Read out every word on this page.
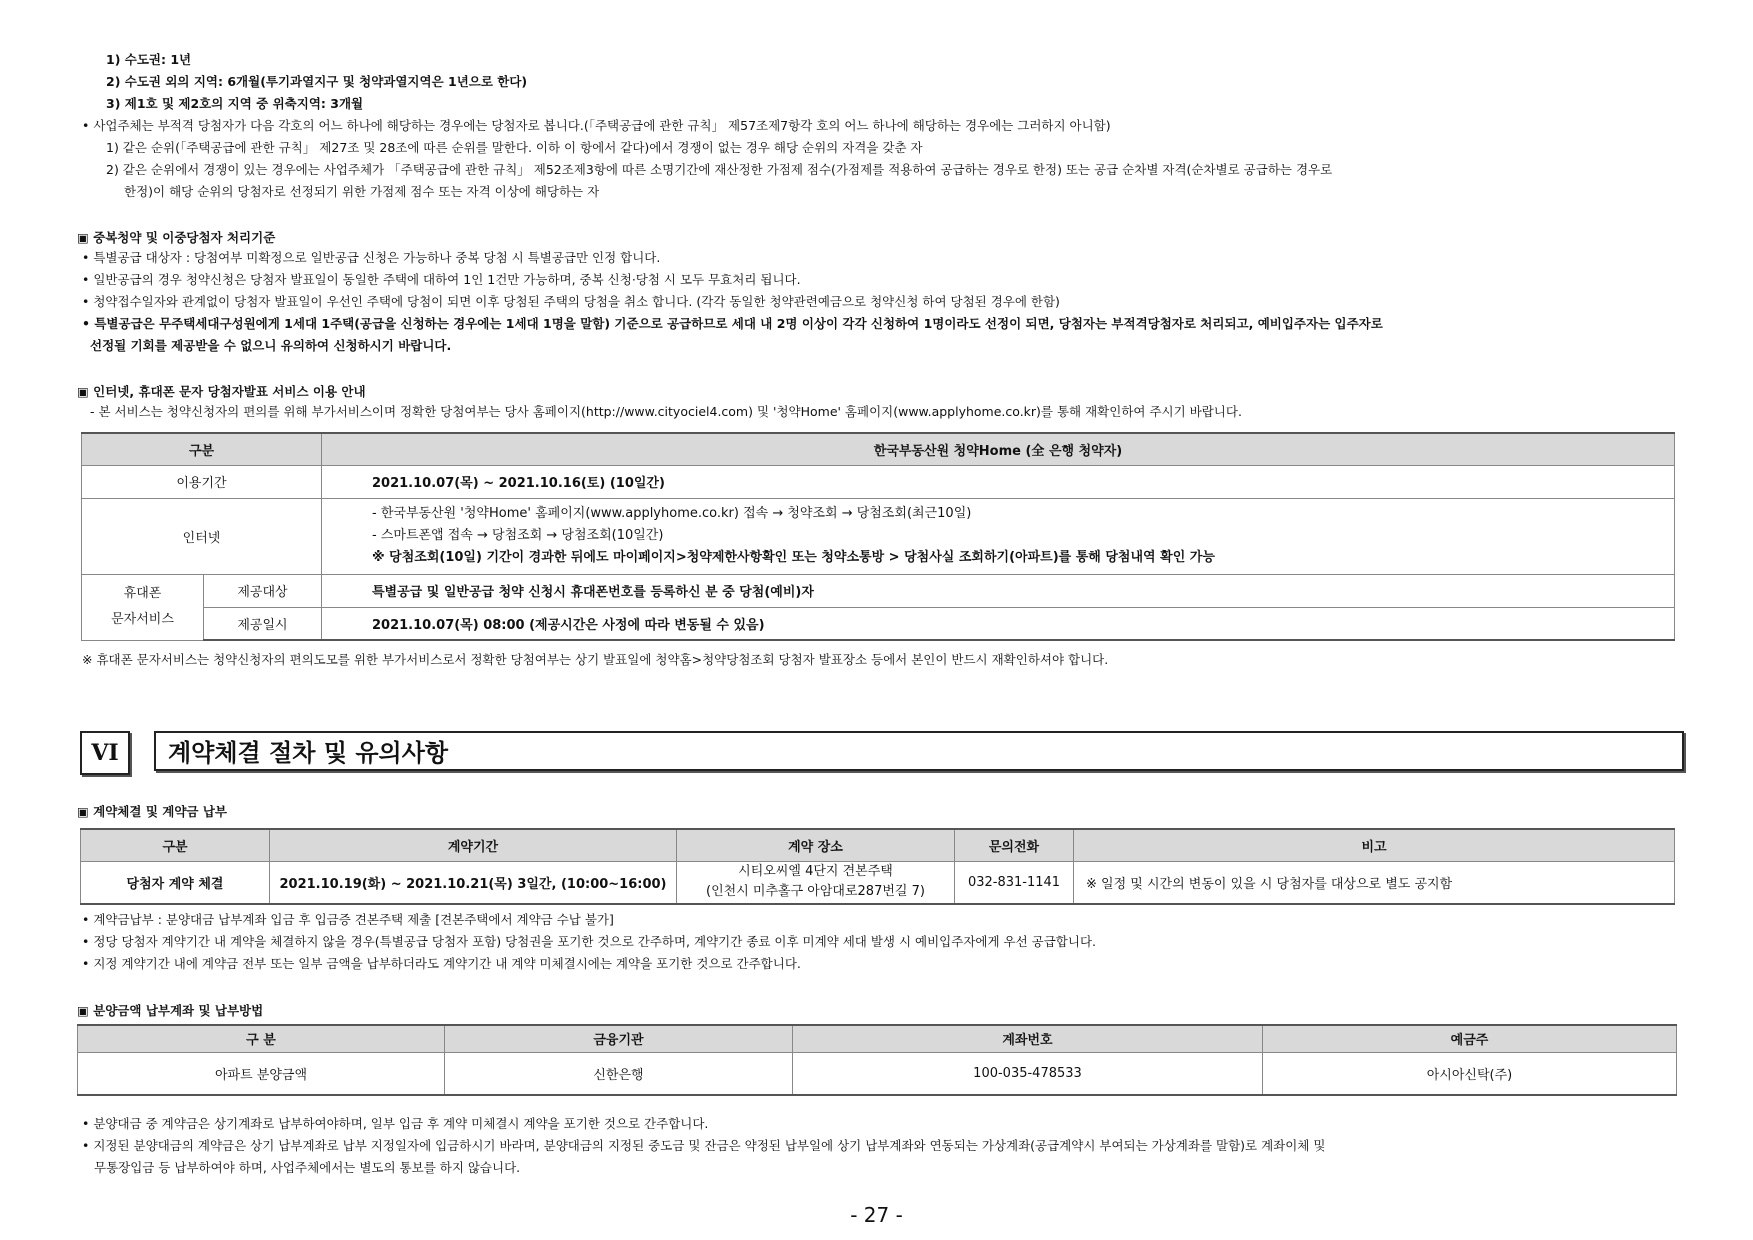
1) 수도권: 1년
2) 수도권 외의 지역: 6개월(투기과열지구 및 청약과열지역은 1년으로 한다)
3) 제1호 및 제2호의 지역 중 위축지역: 3개월
• 사업주체는 부적격 당첨자가 다음 각호의 어느 하나에 해당하는 경우에는 당첨자로 봅니다.(「주택공급에 관한 규칙」 제57조제7항각 호의 어느 하나에 해당하는 경우에는 그러하지 아니함)
1) 같은 순위(「주택공급에 관한 규칙」 제27조 및 28조에 따른 순위를 말한다. 이하 이 항에서 같다)에서 경쟁이 없는 경우 해당 순위의 자격을 갖춘 자
2) 같은 순위에서 경쟁이 있는 경우에는 사업주체가 「주택공급에 관한 규칙」 제52조제3항에 따른 소명기간에 재산정한 가점제 점수(가점제를 적용하여 공급하는 경우로 한정) 또는 공급 순차별 자격(순차별로 공급하는 경우로
한정)이 해당 순위의 당첨자로 선정되기 위한 가점제 점수 또는 자격 이상에 해당하는 자
▣ 중복청약 및 이중당첨자 처리기준
• 특별공급 대상자 : 당첨여부 미확정으로 일반공급 신청은 가능하나 중복 당첨 시 특별공급만 인정 합니다.
• 일반공급의 경우 청약신청은 당첨자 발표일이 동일한 주택에 대하여 1인 1건만 가능하며, 중복 신청·당첨 시 모두 무효처리 됩니다.
• 청약접수일자와 관계없이 당첨자 발표일이 우선인 주택에 당첨이 되면 이후 당첨된 주택의 당첨을 취소 합니다. (각각 동일한 청약관련예금으로 청약신청 하여 당첨된 경우에 한함)
• 특별공급은 무주택세대구성원에게 1세대 1주택(공급을 신청하는 경우에는 1세대 1명을 말함) 기준으로 공급하므로 세대 내 2명 이상이 각각 신청하여 1명이라도 선정이 되면, 당첨자는 부적격당첨자로 처리되고, 예비입주자는 입주자로
선정될 기회를 제공받을 수 없으니 유의하여 신청하시기 바랍니다.
▣ 인터넷, 휴대폰 문자 당첨자발표 서비스 이용 안내
- 본 서비스는 청약신청자의 편의를 위해 부가서비스이며 정확한 당첨여부는 당사 홈페이지(http://www.cityociel4.com) 및 '청약Home' 홈페이지(www.applyhome.co.kr)를 통해 재확인하여 주시기 바랍니다.
구분		한국부동산원 청약Home (全 은행 청약자)
이용기간		2021.10.07(목) ~ 2021.10.16(토) (10일간)
인터넷		- 한국부동산원 '청약Home' 홈페이지(www.applyhome.co.kr) 접속 → 청약조회 → 당첨조회(최근10일)
- 스마트폰앱 접속 → 당첨조회 → 당첨조회(10일간)
※ 당첨조회(10일) 기간이 경과한 뒤에도 마이페이지>청약제한사항확인 또는 청약소통방 > 당첨사실 조회하기(아파트)를 통해 당첨내역 확인 가능

휴대폰
문자서비스	제공대상	특별공급 및 일반공급 청약 신청시 휴대폰번호를 등록하신 분 중 당첨(예비)자
	제공일시	2021.10.07(목) 08:00 (제공시간은 사정에 따라 변동될 수 있음)
※ 휴대폰 문자서비스는 청약신청자의 편의도모를 위한 부가서비스로서 정확한 당첨여부는 상기 발표일에 청약홈>청약당첨조회 당첨자 발표장소 등에서 본인이 반드시 재확인하셔야 합니다.
VI	계약체결 절차 및 유의사항
▣ 계약체결 및 계약금 납부
구분	계약기간	계약 장소	문의전화	비고
당첨자 계약 체결	2021.10.19(화) ~ 2021.10.21(목) 3일간, (10:00~16:00)	시티오씨엘 4단지 견본주택
(인천시 미추홀구 아암대로287번길 7)	032-831-1141	※ 일정 및 시간의 변동이 있을 시 당첨자를 대상으로 별도 공지함
• 계약금납부 : 분양대금 납부계좌 입금 후 입금증 견본주택 제출 [견본주택에서 계약금 수납 불가]
• 정당 당첨자 계약기간 내 계약을 체결하지 않을 경우(특별공급 당첨자 포함) 당첨권을 포기한 것으로 간주하며, 계약기간 종료 이후 미계약 세대 발생 시 예비입주자에게 우선 공급합니다.
• 지정 계약기간 내에 계약금 전부 또는 일부 금액을 납부하더라도 계약기간 내 계약 미체결시에는 계약을 포기한 것으로 간주합니다.
▣ 분양금액 납부계좌 및 납부방법
구 분	금융기관	계좌번호	예금주
아파트 분양금액	신한은행	100-035-478533	아시아신탁(주)
• 분양대금 중 계약금은 상기계좌로 납부하여야하며, 일부 입금 후 계약 미체결시 계약을 포기한 것으로 간주합니다.
• 지정된 분양대금의 계약금은 상기 납부계좌로 납부 지정일자에 입금하시기 바라며, 분양대금의 지정된 중도금 및 잔금은 약정된 납부일에 상기 납부계좌와 연동되는 가상계좌(공급계약시 부여되는 가상계좌를 말함)로 계좌이체 및
무통장입금 등 납부하여야 하며, 사업주체에서는 별도의 통보를 하지 않습니다.
- 27 -
